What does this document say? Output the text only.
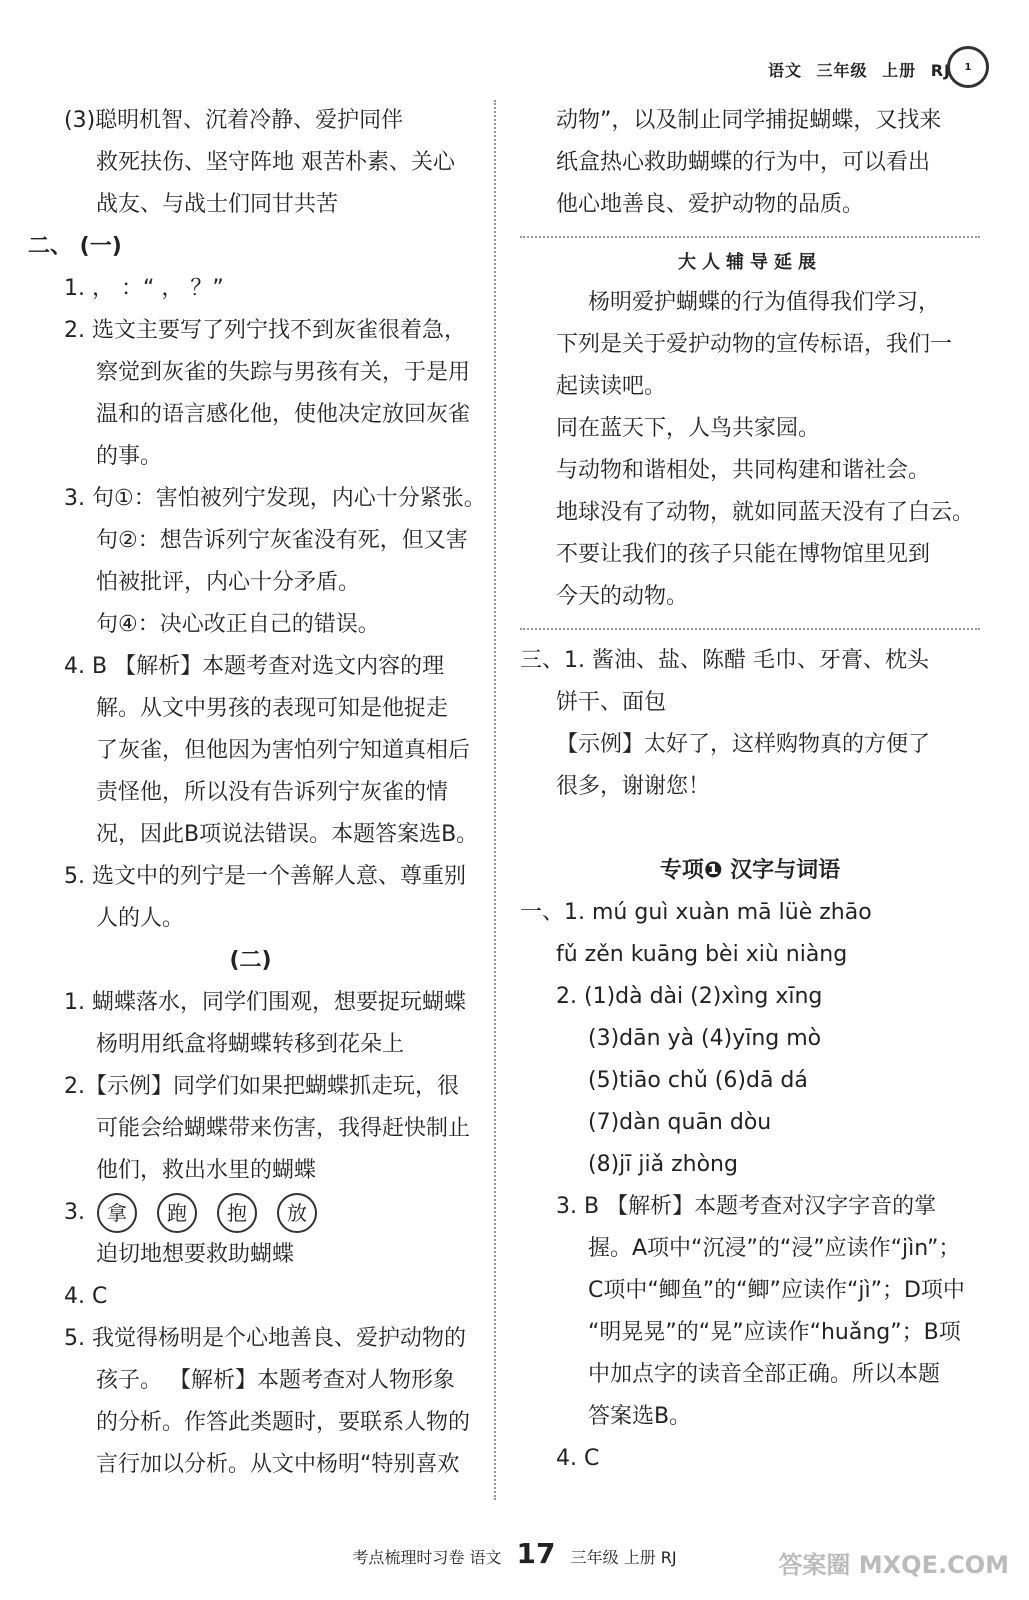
语文 三年级 上册 RJ	1
(3)聪明机智、沉着冷静、爱护同伴
救死扶伤、坚守阵地 艰苦朴素、关心
战友、与战士们同甘共苦
二、 (一)
1. ， ：“ ， ？”
2. 选文主要写了列宁找不到灰雀很着急，
察觉到灰雀的失踪与男孩有关，于是用
温和的语言感化他，使他决定放回灰雀
的事。
3. 句①：害怕被列宁发现，内心十分紧张。
句②：想告诉列宁灰雀没有死，但又害
怕被批评，内心十分矛盾。
句④：决心改正自己的错误。
4. B 【解析】本题考查对选文内容的理
解。从文中男孩的表现可知是他捉走
了灰雀，但他因为害怕列宁知道真相后
责怪他，所以没有告诉列宁灰雀的情
况，因此B项说法错误。本题答案选B。
5. 选文中的列宁是一个善解人意、尊重别
人的人。
(二)
1. 蝴蝶落水，同学们围观，想要捉玩蝴蝶
杨明用纸盒将蝴蝶转移到花朵上
2.【示例】同学们如果把蝴蝶抓走玩，很
可能会给蝴蝶带来伤害，我得赶快制止
他们，救出水里的蝴蝶
3. 拿 跑 抱 放
迫切地想要救助蝴蝶
4. C
5. 我觉得杨明是个心地善良、爱护动物的
孩子。 【解析】本题考查对人物形象
的分析。作答此类题时，要联系人物的
言行加以分析。从文中杨明“特别喜欢
动物”，以及制止同学捕捉蝴蝶，又找来
纸盒热心救助蝴蝶的行为中，可以看出
他心地善良、爱护动物的品质。
大人辅导延展
杨明爱护蝴蝶的行为值得我们学习，
下列是关于爱护动物的宣传标语，我们一
起读读吧。
同在蓝天下，人鸟共家园。
与动物和谐相处，共同构建和谐社会。
地球没有了动物，就如同蓝天没有了白云。
不要让我们的孩子只能在博物馆里见到
今天的动物。
三、1. 酱油、盐、陈醋 毛巾、牙膏、枕头
饼干、面包
【示例】太好了，这样购物真的方便了
很多，谢谢您！
专项❶ 汉字与词语
一、1. mú guì xuàn mā lüè zhāo
fǔ zěn kuāng bèi xiù niàng
2. (1)dà dài (2)xìng xīng
(3)dān yà (4)yīng mò
(5)tiāo chǔ (6)dā dá
(7)dàn quān dòu
(8)jī jiǎ zhòng
3. B 【解析】本题考查对汉字字音的掌
握。A项中“沉浸”的“浸”应读作“jìn”；
C项中“鲫鱼”的“鲫”应读作“jì”；D项中
“明晃晃”的“晃”应读作“huǎng”；B项
中加点字的读音全部正确。所以本题
答案选B。
4. C
考点梳理时习卷 语文 17 三年级 上册 RJ	答案圈 MXQE.COM
